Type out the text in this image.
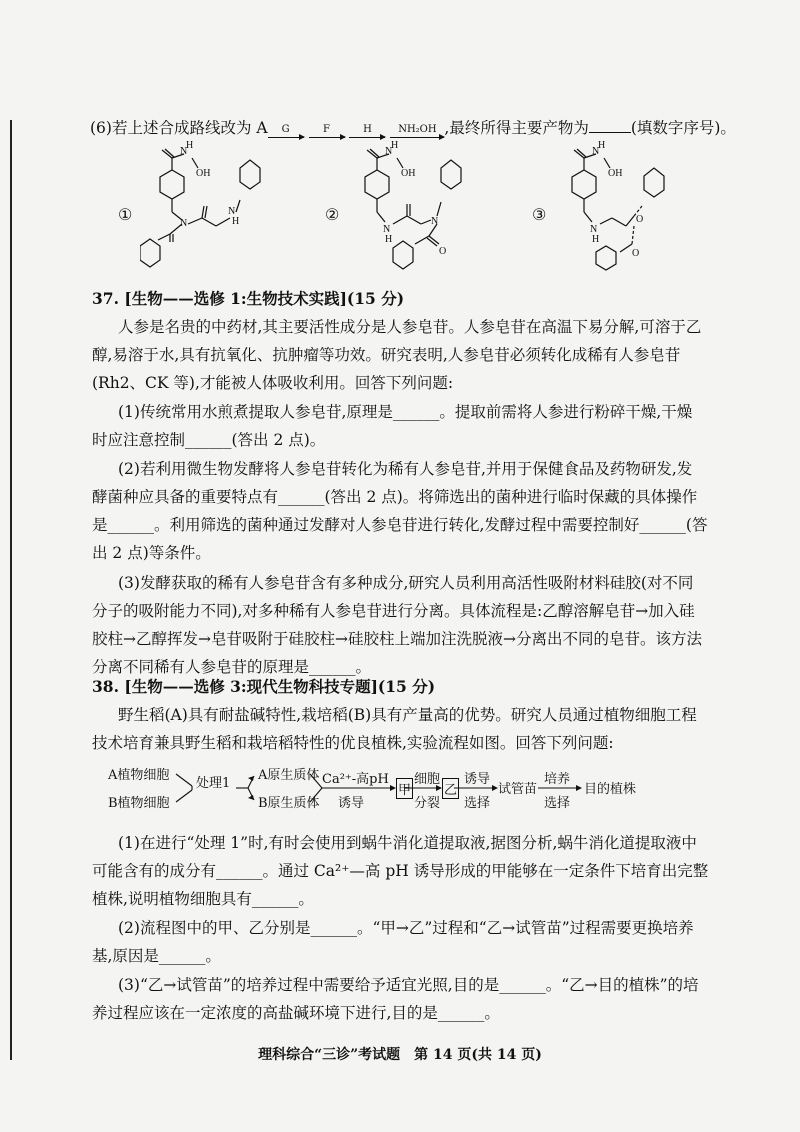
(6)若上述合成路线改为 A	G
	F
	H
	NH₂OH ,最终所得主要产物为	(填数字序号)。
①	②	③
N
H
OH
N
N
H
N
H
OH
N
H
N
O
N
H
OH
N
H
O
O
37. [生物——选修 1:生物技术实践](15 分)
人参是名贵的中药材,其主要活性成分是人参皂苷。人参皂苷在高温下易分解,可溶于乙
醇,易溶于水,具有抗氧化、抗肿瘤等功效。研究表明,人参皂苷必须转化成稀有人参皂苷
(Rh2、CK 等),才能被人体吸收利用。回答下列问题:
(1)传统常用水煎煮提取人参皂苷,原理是______。提取前需将人参进行粉碎干燥,干燥
时应注意控制______(答出 2 点)。
(2)若利用微生物发酵将人参皂苷转化为稀有人参皂苷,并用于保健食品及药物研发,发
酵菌种应具备的重要特点有______(答出 2 点)。将筛选出的菌种进行临时保藏的具体操作
是______。利用筛选的菌种通过发酵对人参皂苷进行转化,发酵过程中需要控制好______(答
出 2 点)等条件。
(3)发酵获取的稀有人参皂苷含有多种成分,研究人员利用高活性吸附材料硅胶(对不同
分子的吸附能力不同),对多种稀有人参皂苷进行分离。具体流程是:乙醇溶解皂苷→加入硅
胶柱→乙醇挥发→皂苷吸附于硅胶柱→硅胶柱上端加注洗脱液→分离出不同的皂苷。该方法
分离不同稀有人参皂苷的原理是______。
38. [生物——选修 3:现代生物科技专题](15 分)
野生稻(A)具有耐盐碱特性,栽培稻(B)具有产量高的优势。研究人员通过植物细胞工程
技术培育兼具野生稻和栽培稻特性的优良植株,实验流程如图。回答下列问题:
A植物细胞
B植物细胞
处理1
A原生质体
B原生质体
Ca²⁺-高pH
诱导
甲
细胞
分裂
乙
诱导
选择
试管苗
培养
选择
目的植株
(1)在进行“处理 1”时,有时会使用到蜗牛消化道提取液,据图分析,蜗牛消化道提取液中
可能含有的成分有______。通过 Ca²⁺—高 pH 诱导形成的甲能够在一定条件下培育出完整
植株,说明植物细胞具有______。
(2)流程图中的甲、乙分别是______。“甲→乙”过程和“乙→试管苗”过程需要更换培养
基,原因是______。
(3)“乙→试管苗”的培养过程中需要给予适宜光照,目的是______。“乙→目的植株”的培
养过程应该在一定浓度的高盐碱环境下进行,目的是______。
理科综合“三诊”考试题　第 14 页(共 14 页)
